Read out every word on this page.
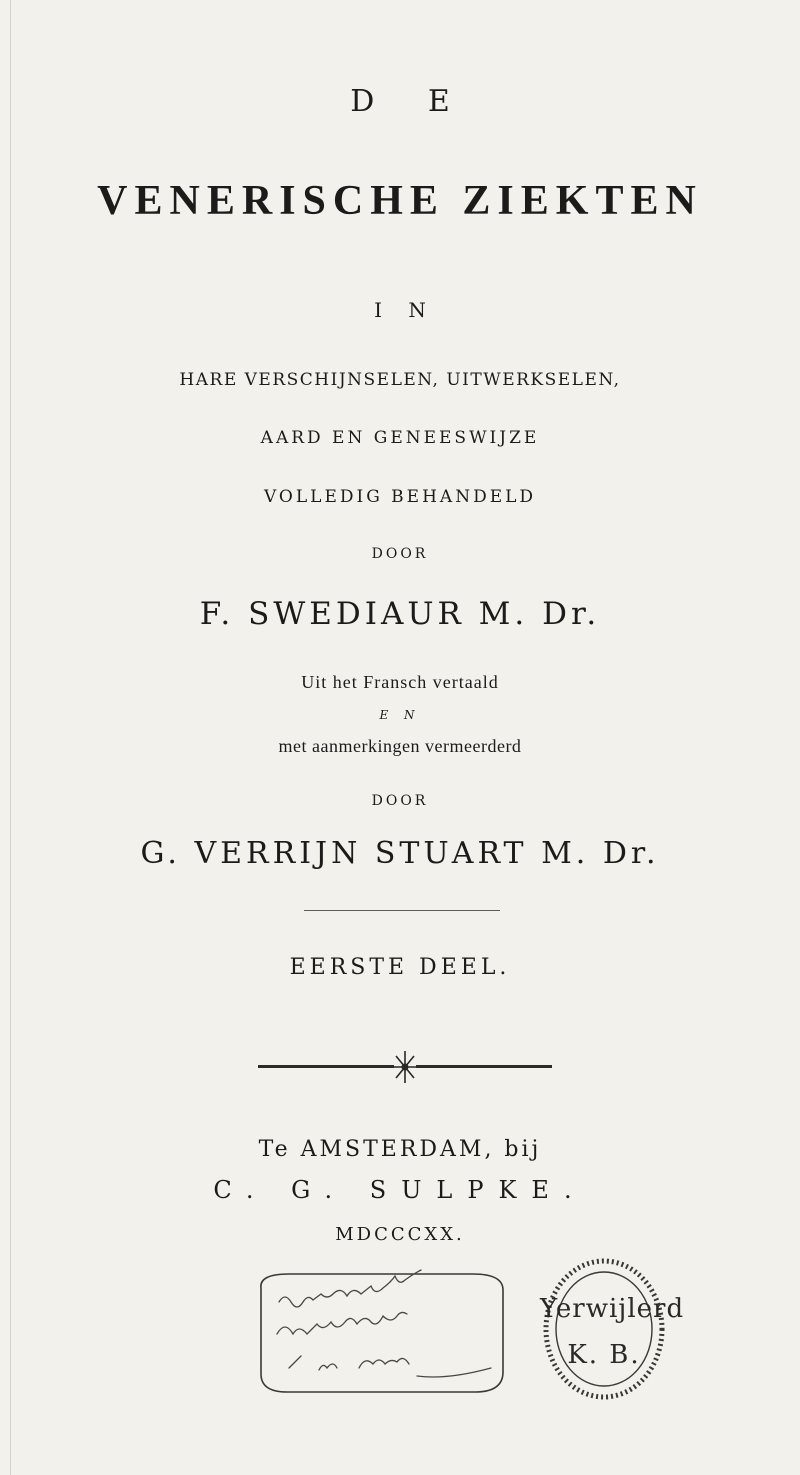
D E
VENERISCHE ZIEKTEN
I N
HARE VERSCHIJNSELEN, UITWERKSELEN,
AARD EN GENEESWIJZE
VOLLEDIG BEHANDELD
DOOR
F. SWEDIAUR M. Dr.
Uit het Fransch vertaald
E N
met aanmerkingen vermeerderd
DOOR
G. VERRIJN STUART M. Dr.
EERSTE DEEL.
Te AMSTERDAM, bij
C. G. SULPKE.
MDCCCXX.
Yerwijlerd
K. B.
